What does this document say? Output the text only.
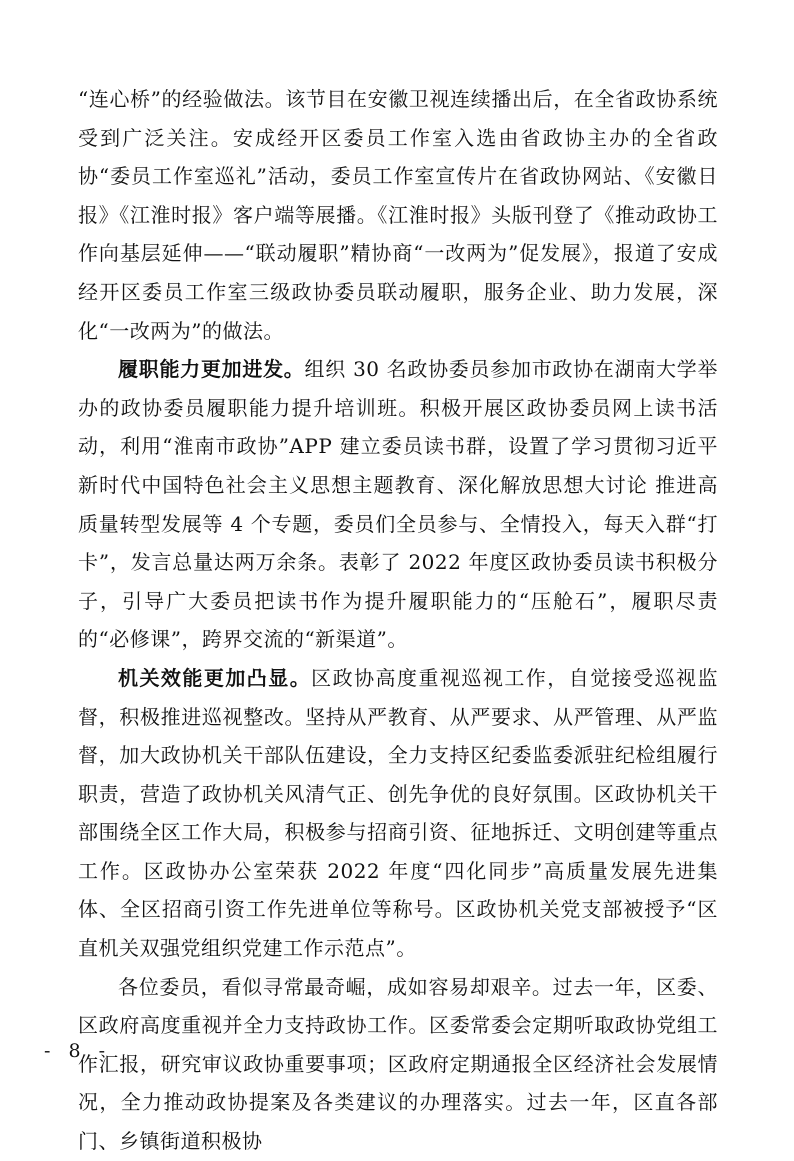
“连心桥”的经验做法。该节目在安徽卫视连续播出后，在全省政协系统受到广泛关注。安成经开区委员工作室入选由省政协主办的全省政协“委员工作室巡礼”活动，委员工作室宣传片在省政协网站、《安徽日报》《江淮时报》客户端等展播。《江淮时报》头版刊登了《推动政协工作向基层延伸——“联动履职”精协商“一改两为”促发展》，报道了安成经开区委员工作室三级政协委员联动履职，服务企业、助力发展，深化“一改两为”的做法。

履职能力更加进发。组织 30 名政协委员参加市政协在湖南大学举办的政协委员履职能力提升培训班。积极开展区政协委员网上读书活动，利用“淮南市政协”APP 建立委员读书群，设置了学习贯彻习近平新时代中国特色社会主义思想主题教育、深化解放思想大讨论 推进高质量转型发展等 4 个专题，委员们全员参与、全情投入，每天入群“打卡”，发言总量达两万余条。表彰了 2022 年度区政协委员读书积极分子，引导广大委员把读书作为提升履职能力的“压舱石”，履职尽责的“必修课”，跨界交流的“新渠道”。

机关效能更加凸显。区政协高度重视巡视工作，自觉接受巡视监督，积极推进巡视整改。坚持从严教育、从严要求、从严管理、从严监督，加大政协机关干部队伍建设，全力支持区纪委监委派驻纪检组履行职责，营造了政协机关风清气正、创先争优的良好氛围。区政协机关干部围绕全区工作大局，积极参与招商引资、征地拆迁、文明创建等重点工作。区政协办公室荣获 2022 年度“四化同步”高质量发展先进集体、全区招商引资工作先进单位等称号。区政协机关党支部被授予“区直机关双强党组织党建工作示范点”。

各位委员，看似寻常最奇崛，成如容易却艰辛。过去一年，区委、区政府高度重视并全力支持政协工作。区委常委会定期听取政协党组工作汇报，研究审议政协重要事项；区政府定期通报全区经济社会发展情况，全力推动政协提案及各类建议的办理落实。过去一年，区直各部门、乡镇街道积极协

- 8 -
